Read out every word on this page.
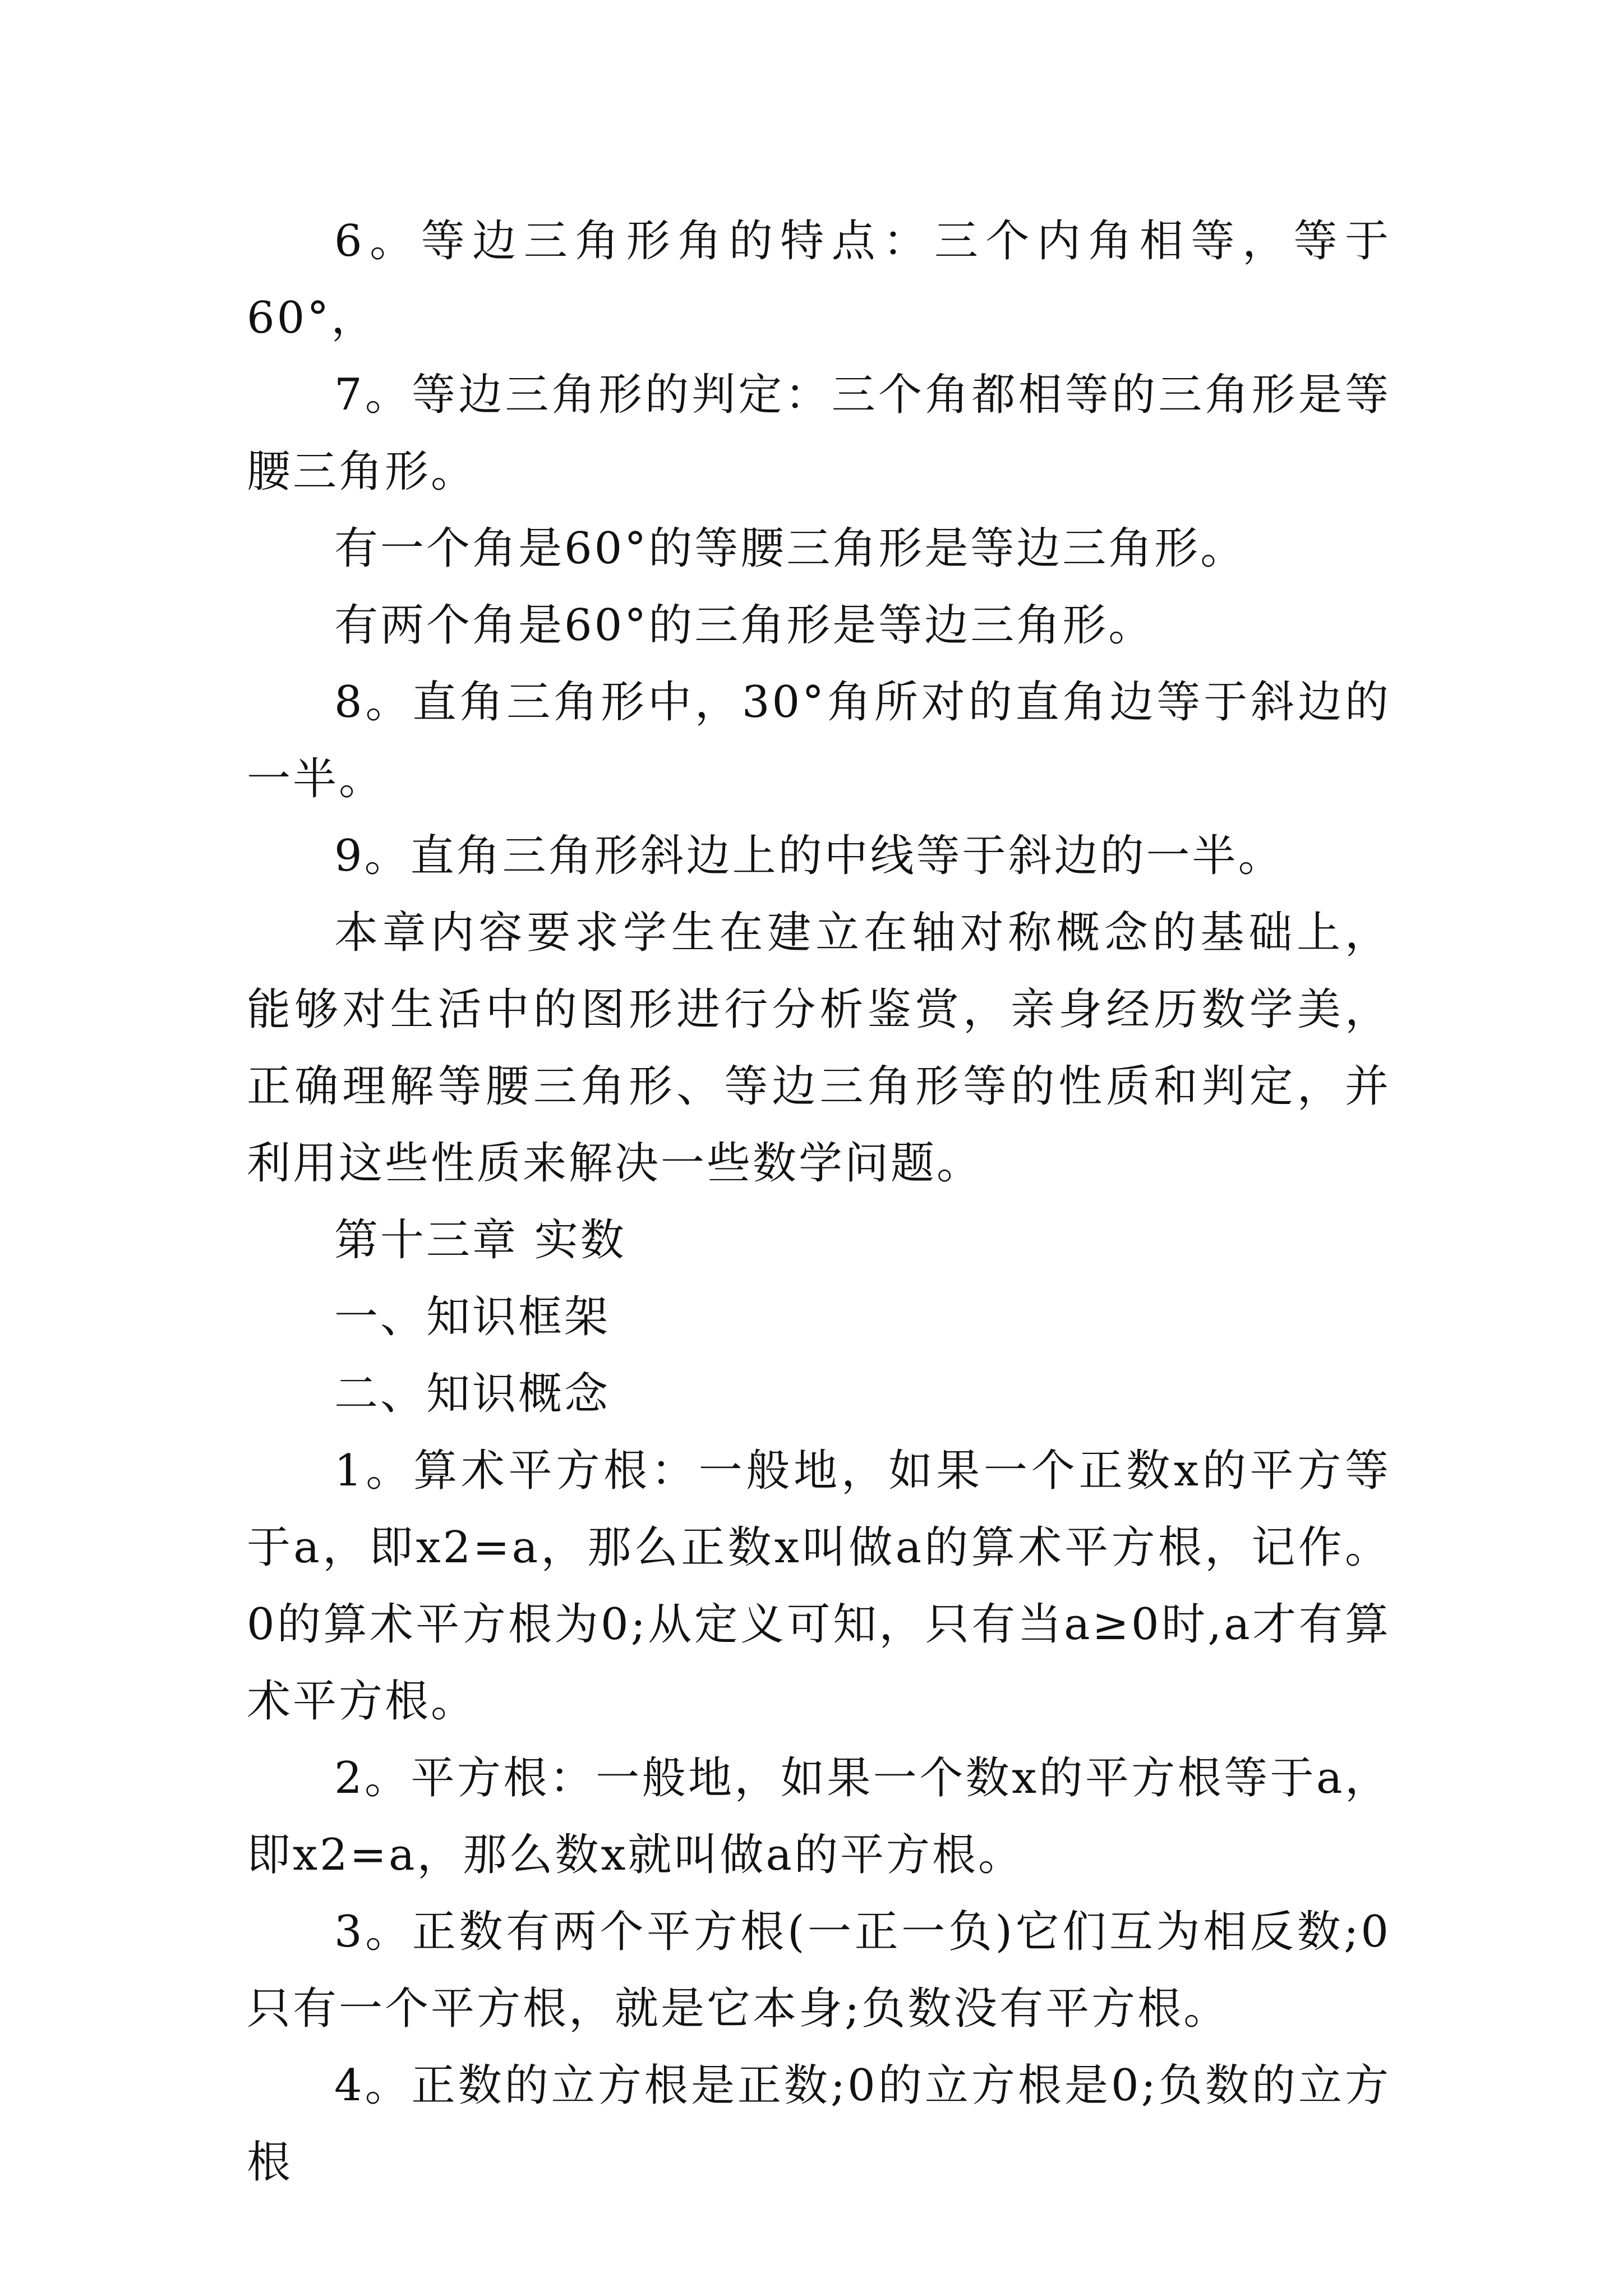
6。等边三角形角的特点：三个内角相等，等于60°，

7。等边三角形的判定：三个角都相等的三角形是等腰三角形。

有一个角是60°的等腰三角形是等边三角形。

有两个角是60°的三角形是等边三角形。

8。直角三角形中，30°角所对的直角边等于斜边的一半。

9。直角三角形斜边上的中线等于斜边的一半。

本章内容要求学生在建立在轴对称概念的基础上，能够对生活中的图形进行分析鉴赏，亲身经历数学美，正确理解等腰三角形、等边三角形等的性质和判定，并利用这些性质来解决一些数学问题。

第十三章 实数

一、知识框架

二、知识概念

1。算术平方根：一般地，如果一个正数x的平方等于a，即x2=a，那么正数x叫做a的算术平方根，记作。0的算术平方根为0;从定义可知，只有当a≥0时,a才有算术平方根。

2。平方根：一般地，如果一个数x的平方根等于a，即x2=a，那么数x就叫做a的平方根。

3。正数有两个平方根(一正一负)它们互为相反数;0只有一个平方根，就是它本身;负数没有平方根。

4。正数的立方根是正数;0的立方根是0;负数的立方根
